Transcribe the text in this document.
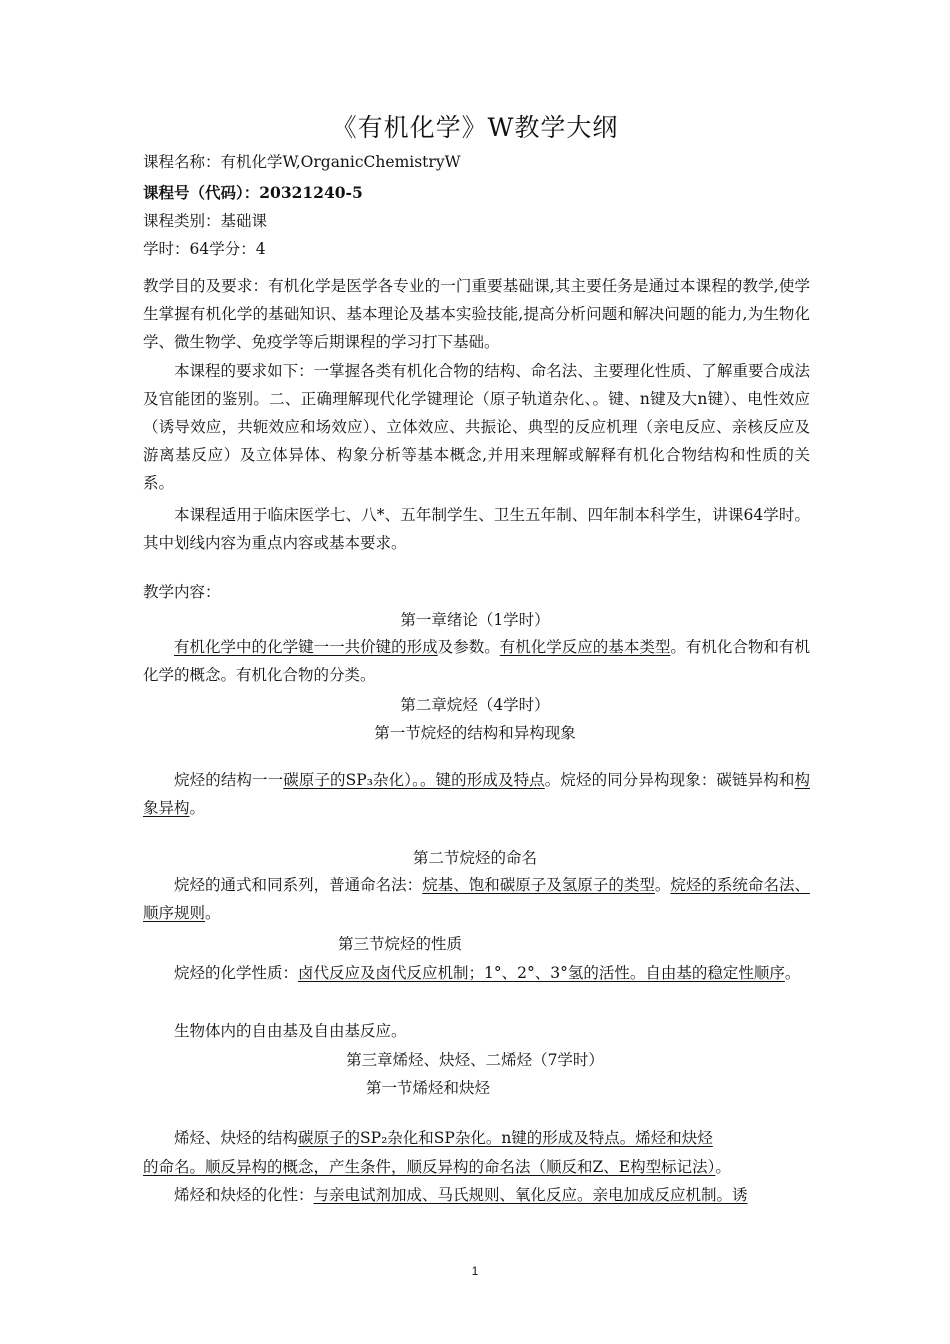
《有机化学》W教学大纲
课程名称：有机化学W,OrganicChemistryW
课程号（代码）：20321240-5
课程类别：基础课
学时：64学分：4
教学目的及要求：有机化学是医学各专业的一门重要基础课,其主要任务是通过本课程的教学,使学生掌握有机化学的基础知识、基本理论及基本实验技能,提高分析问题和解决问题的能力,为生物化学、微生物学、免疫学等后期课程的学习打下基础。
本课程的要求如下：一掌握各类有机化合物的结构、命名法、主要理化性质、了解重要合成法及官能团的鉴别。二、正确理解现代化学键理论（原子轨道杂化、。键、n键及大n键）、电性效应（诱导效应，共轭效应和场效应）、立体效应、共振论、典型的反应机理（亲电反应、亲核反应及游离基反应）及立体异体、构象分析等基本概念,并用来理解或解释有机化合物结构和性质的关系。
本课程适用于临床医学七、八*、五年制学生、卫生五年制、四年制本科学生，讲课64学时。其中划线内容为重点内容或基本要求。
教学内容：
第一章绪论（1学时）
有机化学中的化学键一一共价键的形成及参数。有机化学反应的基本类型。有机化合物和有机化学的概念。有机化合物的分类。
第二章烷烃（4学时）
第一节烷烃的结构和异构现象
烷烃的结构一一碳原子的SP₃杂化）。。键的形成及特点。烷烃的同分异构现象：碳链异构和构象异构。
第二节烷烃的命名
烷烃的通式和同系列，普通命名法：烷基、饱和碳原子及氢原子的类型。烷烃的系统命名法、顺序规则。
第三节烷烃的性质
烷烃的化学性质：卤代反应及卤代反应机制；1°、2°、3°氢的活性。自由基的稳定性顺序。
生物体内的自由基及自由基反应。
第三章烯烃、炔烃、二烯烃（7学时）
第一节烯烃和炔烃
烯烃、炔烃的结构碳原子的SP₂杂化和SP杂化。n键的形成及特点。烯烃和炔烃
的命名。顺反异构的概念，产生条件，顺反异构的命名法（顺反和Z、E构型标记法）。
烯烃和炔烃的化性：与亲电试剂加成、马氏规则、氧化反应。亲电加成反应机制。诱
1
